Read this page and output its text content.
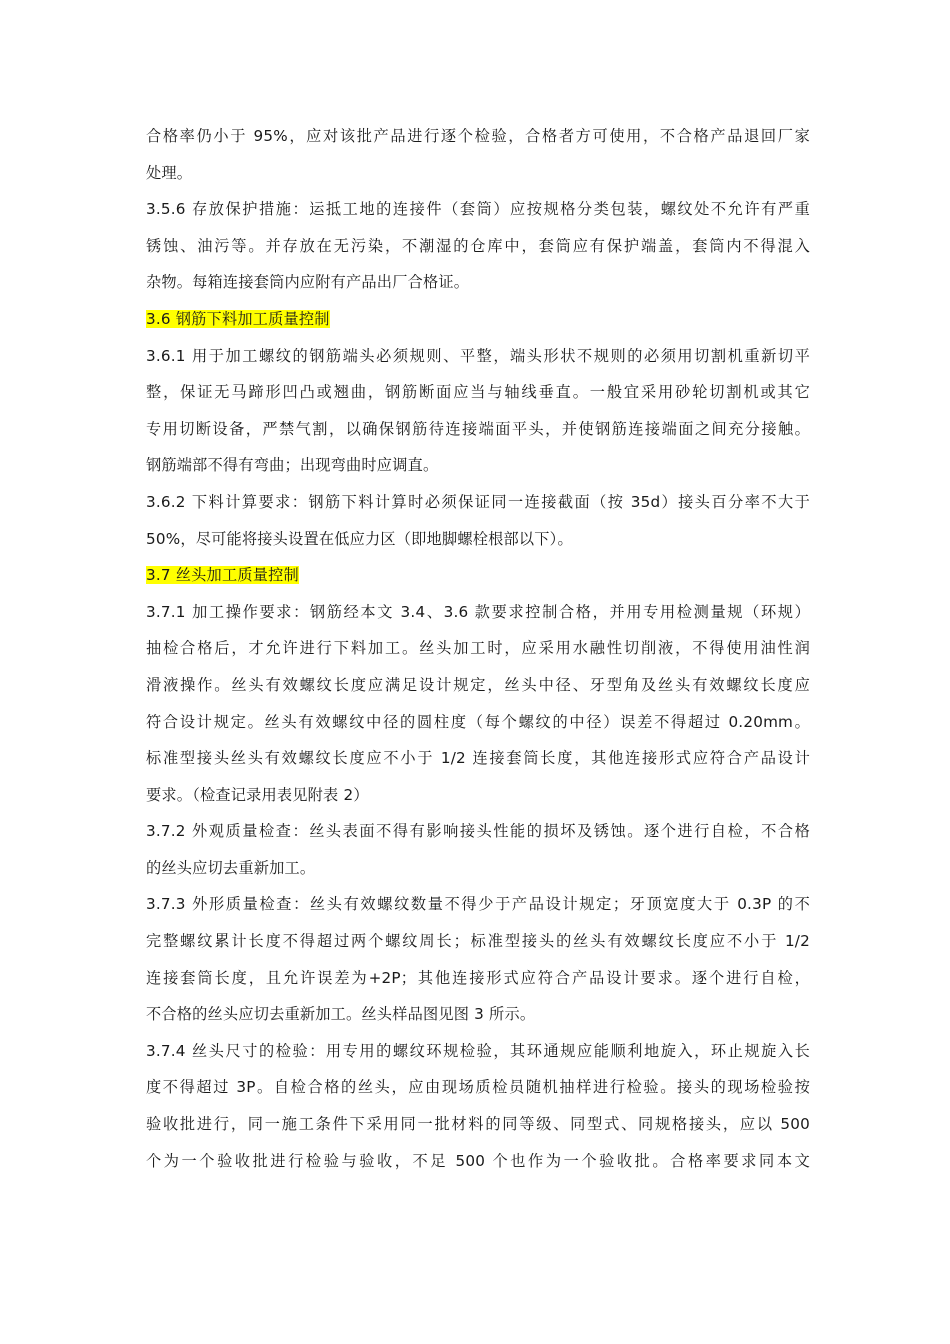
合格率仍小于 95%，应对该批产品进行逐个检验，合格者方可使用，不合格产品退回厂家
处理。
3.5.6 存放保护措施：运抵工地的连接件（套筒）应按规格分类包装，螺纹处不允许有严重
锈蚀、油污等。并存放在无污染，不潮湿的仓库中，套筒应有保护端盖，套筒内不得混入
杂物。每箱连接套筒内应附有产品出厂合格证。
3.6 钢筋下料加工质量控制
3.6.1 用于加工螺纹的钢筋端头必须规则、平整，端头形状不规则的必须用切割机重新切平
整，保证无马蹄形凹凸或翘曲，钢筋断面应当与轴线垂直。一般宜采用砂轮切割机或其它
专用切断设备，严禁气割，以确保钢筋待连接端面平头，并使钢筋连接端面之间充分接触。
钢筋端部不得有弯曲；出现弯曲时应调直。
3.6.2 下料计算要求：钢筋下料计算时必须保证同一连接截面（按 35d）接头百分率不大于
50%，尽可能将接头设置在低应力区（即地脚螺栓根部以下）。
3.7 丝头加工质量控制
3.7.1 加工操作要求：钢筋经本文 3.4、3.6 款要求控制合格，并用专用检测量规（环规）
抽检合格后，才允许进行下料加工。丝头加工时，应采用水融性切削液，不得使用油性润
滑液操作。丝头有效螺纹长度应满足设计规定，丝头中径、牙型角及丝头有效螺纹长度应
符合设计规定。丝头有效螺纹中径的圆柱度（每个螺纹的中径）误差不得超过 0.20mm。
标准型接头丝头有效螺纹长度应不小于 1/2 连接套筒长度，其他连接形式应符合产品设计
要求。（检查记录用表见附表 2）
3.7.2 外观质量检查：丝头表面不得有影响接头性能的损坏及锈蚀。逐个进行自检，不合格
的丝头应切去重新加工。
3.7.3 外形质量检查：丝头有效螺纹数量不得少于产品设计规定；牙顶宽度大于 0.3P 的不
完整螺纹累计长度不得超过两个螺纹周长；标准型接头的丝头有效螺纹长度应不小于 1/2
连接套筒长度，且允许误差为+2P；其他连接形式应符合产品设计要求。逐个进行自检，
不合格的丝头应切去重新加工。丝头样品图见图 3 所示。
3.7.4 丝头尺寸的检验：用专用的螺纹环规检验，其环通规应能顺利地旋入，环止规旋入长
度不得超过 3P。自检合格的丝头，应由现场质检员随机抽样进行检验。接头的现场检验按
验收批进行，同一施工条件下采用同一批材料的同等级、同型式、同规格接头，应以 500
个为一个验收批进行检验与验收，不足 500 个也作为一个验收批。合格率要求同本文
